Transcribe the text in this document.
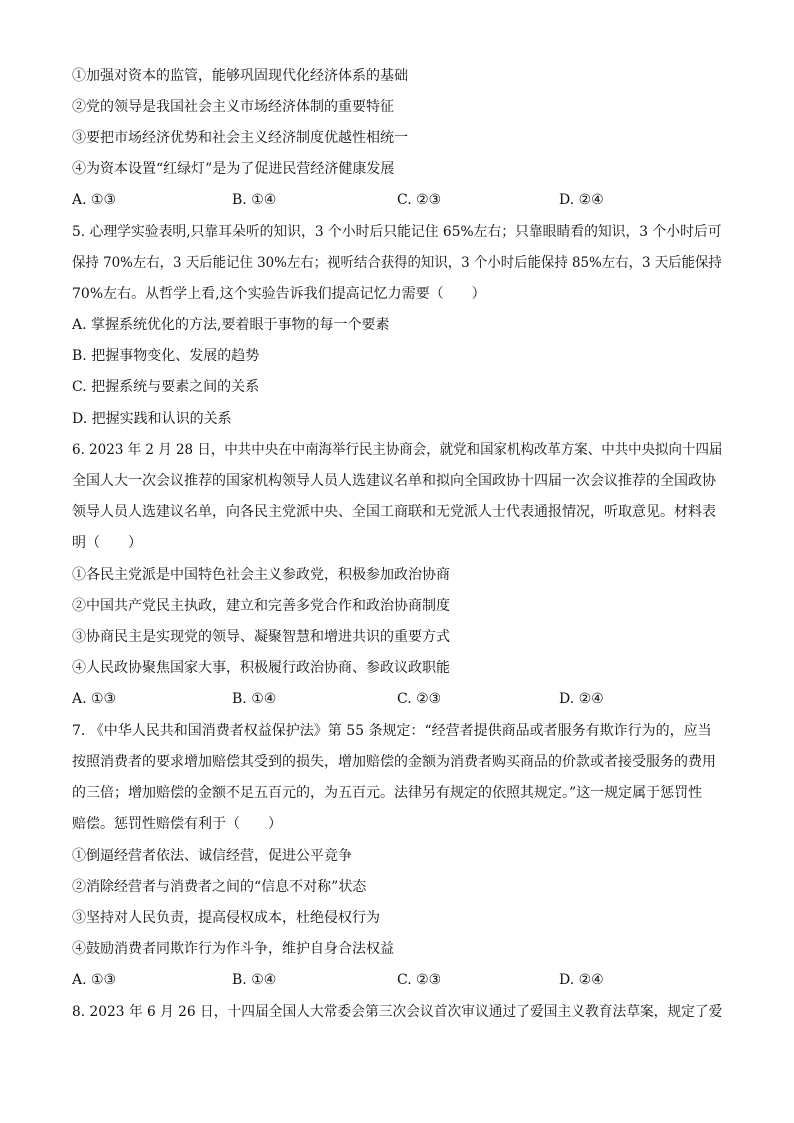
①加强对资本的监管，能够巩固现代化经济体系的基础
②党的领导是我国社会主义市场经济体制的重要特征
③要把市场经济优势和社会主义经济制度优越性相统一
④为资本设置“红绿灯”是为了促进民营经济健康发展
A. ①③	B. ①④	C. ②③	D. ②④
5. 心理学实验表明,只靠耳朵听的知识，3 个小时后只能记住 65%左右；只靠眼睛看的知识，3 个小时后可
保持 70%左右，3 天后能记住 30%左右；视听结合获得的知识，3 个小时后能保持 85%左右，3 天后能保持
70%左右。从哲学上看,这个实验告诉我们提高记忆力需要（　　）
A. 掌握系统优化的方法,要着眼于事物的每一个要素
B. 把握事物变化、发展的趋势
C. 把握系统与要素之间的关系
D. 把握实践和认识的关系
6. 2023 年 2 月 28 日，中共中央在中南海举行民主协商会，就党和国家机构改革方案、中共中央拟向十四届
全国人大一次会议推荐的国家机构领导人员人选建议名单和拟向全国政协十四届一次会议推荐的全国政协
领导人员人选建议名单，向各民主党派中央、全国工商联和无党派人士代表通报情况，听取意见。材料表
明（　　）
①各民主党派是中国特色社会主义参政党，积极参加政治协商
②中国共产党民主执政，建立和完善多党合作和政治协商制度
③协商民主是实现党的领导、凝聚智慧和增进共识的重要方式
④人民政协聚焦国家大事，积极履行政治协商、参政议政职能
A. ①③	B. ①④	C. ②③	D. ②④
7. 《中华人民共和国消费者权益保护法》第 55 条规定：“经营者提供商品或者服务有欺诈行为的，应当
按照消费者的要求增加赔偿其受到的损失，增加赔偿的金额为消费者购买商品的价款或者接受服务的费用
的三倍；增加赔偿的金额不足五百元的，为五百元。法律另有规定的依照其规定。”这一规定属于惩罚性
赔偿。惩罚性赔偿有利于（　　）
①倒逼经营者依法、诚信经营，促进公平竞争
②消除经营者与消费者之间的“信息不对称”状态
③坚持对人民负责，提高侵权成本，杜绝侵权行为
④鼓励消费者同欺诈行为作斗争，维护自身合法权益
A. ①③	B. ①④	C. ②③	D. ②④
8. 2023 年 6 月 26 日，十四届全国人大常委会第三次会议首次审议通过了爱国主义教育法草案，规定了爱
